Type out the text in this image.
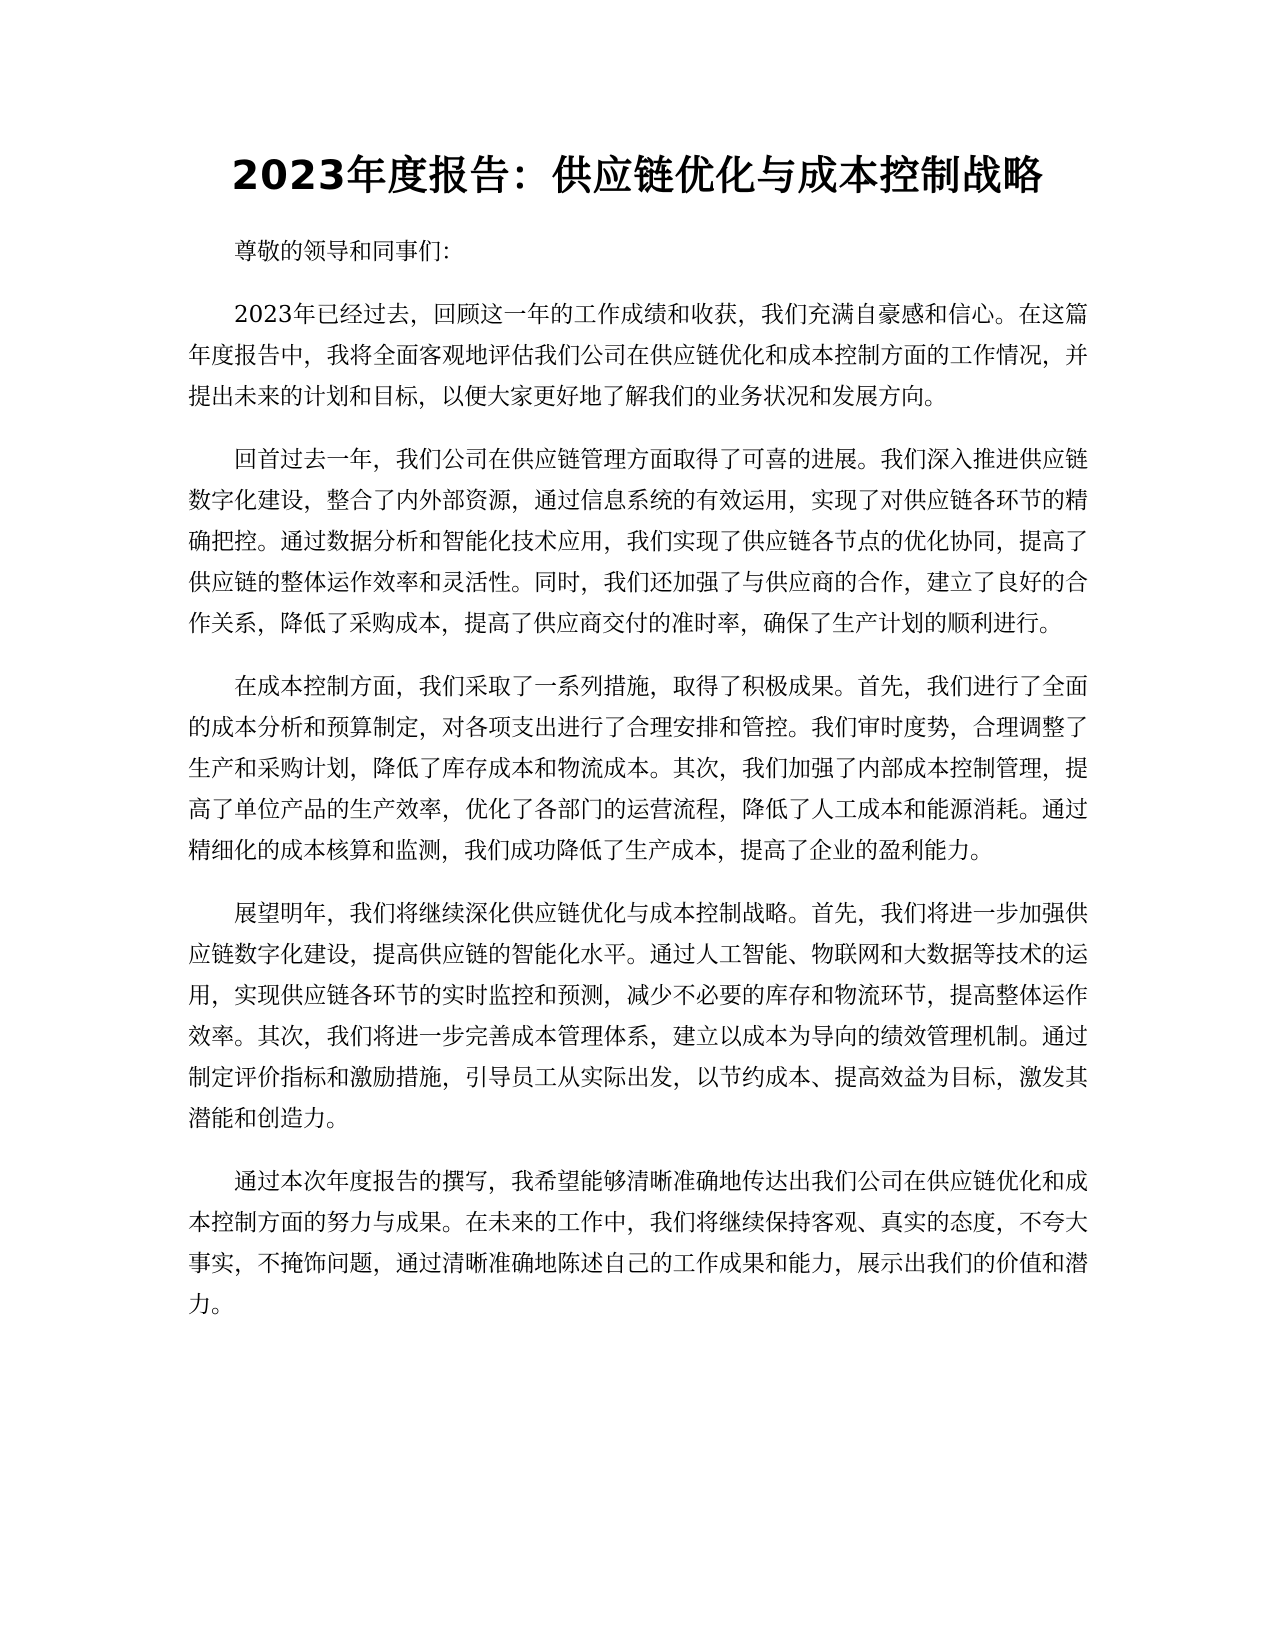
2023年度报告：供应链优化与成本控制战略

尊敬的领导和同事们：

2023年已经过去，回顾这一年的工作成绩和收获，我们充满自豪感和信心。在这篇年度报告中，我将全面客观地评估我们公司在供应链优化和成本控制方面的工作情况，并提出未来的计划和目标，以便大家更好地了解我们的业务状况和发展方向。

回首过去一年，我们公司在供应链管理方面取得了可喜的进展。我们深入推进供应链数字化建设，整合了内外部资源，通过信息系统的有效运用，实现了对供应链各环节的精确把控。通过数据分析和智能化技术应用，我们实现了供应链各节点的优化协同，提高了供应链的整体运作效率和灵活性。同时，我们还加强了与供应商的合作，建立了良好的合作关系，降低了采购成本，提高了供应商交付的准时率，确保了生产计划的顺利进行。

在成本控制方面，我们采取了一系列措施，取得了积极成果。首先，我们进行了全面的成本分析和预算制定，对各项支出进行了合理安排和管控。我们审时度势，合理调整了生产和采购计划，降低了库存成本和物流成本。其次，我们加强了内部成本控制管理，提高了单位产品的生产效率，优化了各部门的运营流程，降低了人工成本和能源消耗。通过精细化的成本核算和监测，我们成功降低了生产成本，提高了企业的盈利能力。

展望明年，我们将继续深化供应链优化与成本控制战略。首先，我们将进一步加强供应链数字化建设，提高供应链的智能化水平。通过人工智能、物联网和大数据等技术的运用，实现供应链各环节的实时监控和预测，减少不必要的库存和物流环节，提高整体运作效率。其次，我们将进一步完善成本管理体系，建立以成本为导向的绩效管理机制。通过制定评价指标和激励措施，引导员工从实际出发，以节约成本、提高效益为目标，激发其潜能和创造力。

通过本次年度报告的撰写，我希望能够清晰准确地传达出我们公司在供应链优化和成本控制方面的努力与成果。在未来的工作中，我们将继续保持客观、真实的态度，不夸大事实，不掩饰问题，通过清晰准确地陈述自己的工作成果和能力，展示出我们的价值和潜力。
